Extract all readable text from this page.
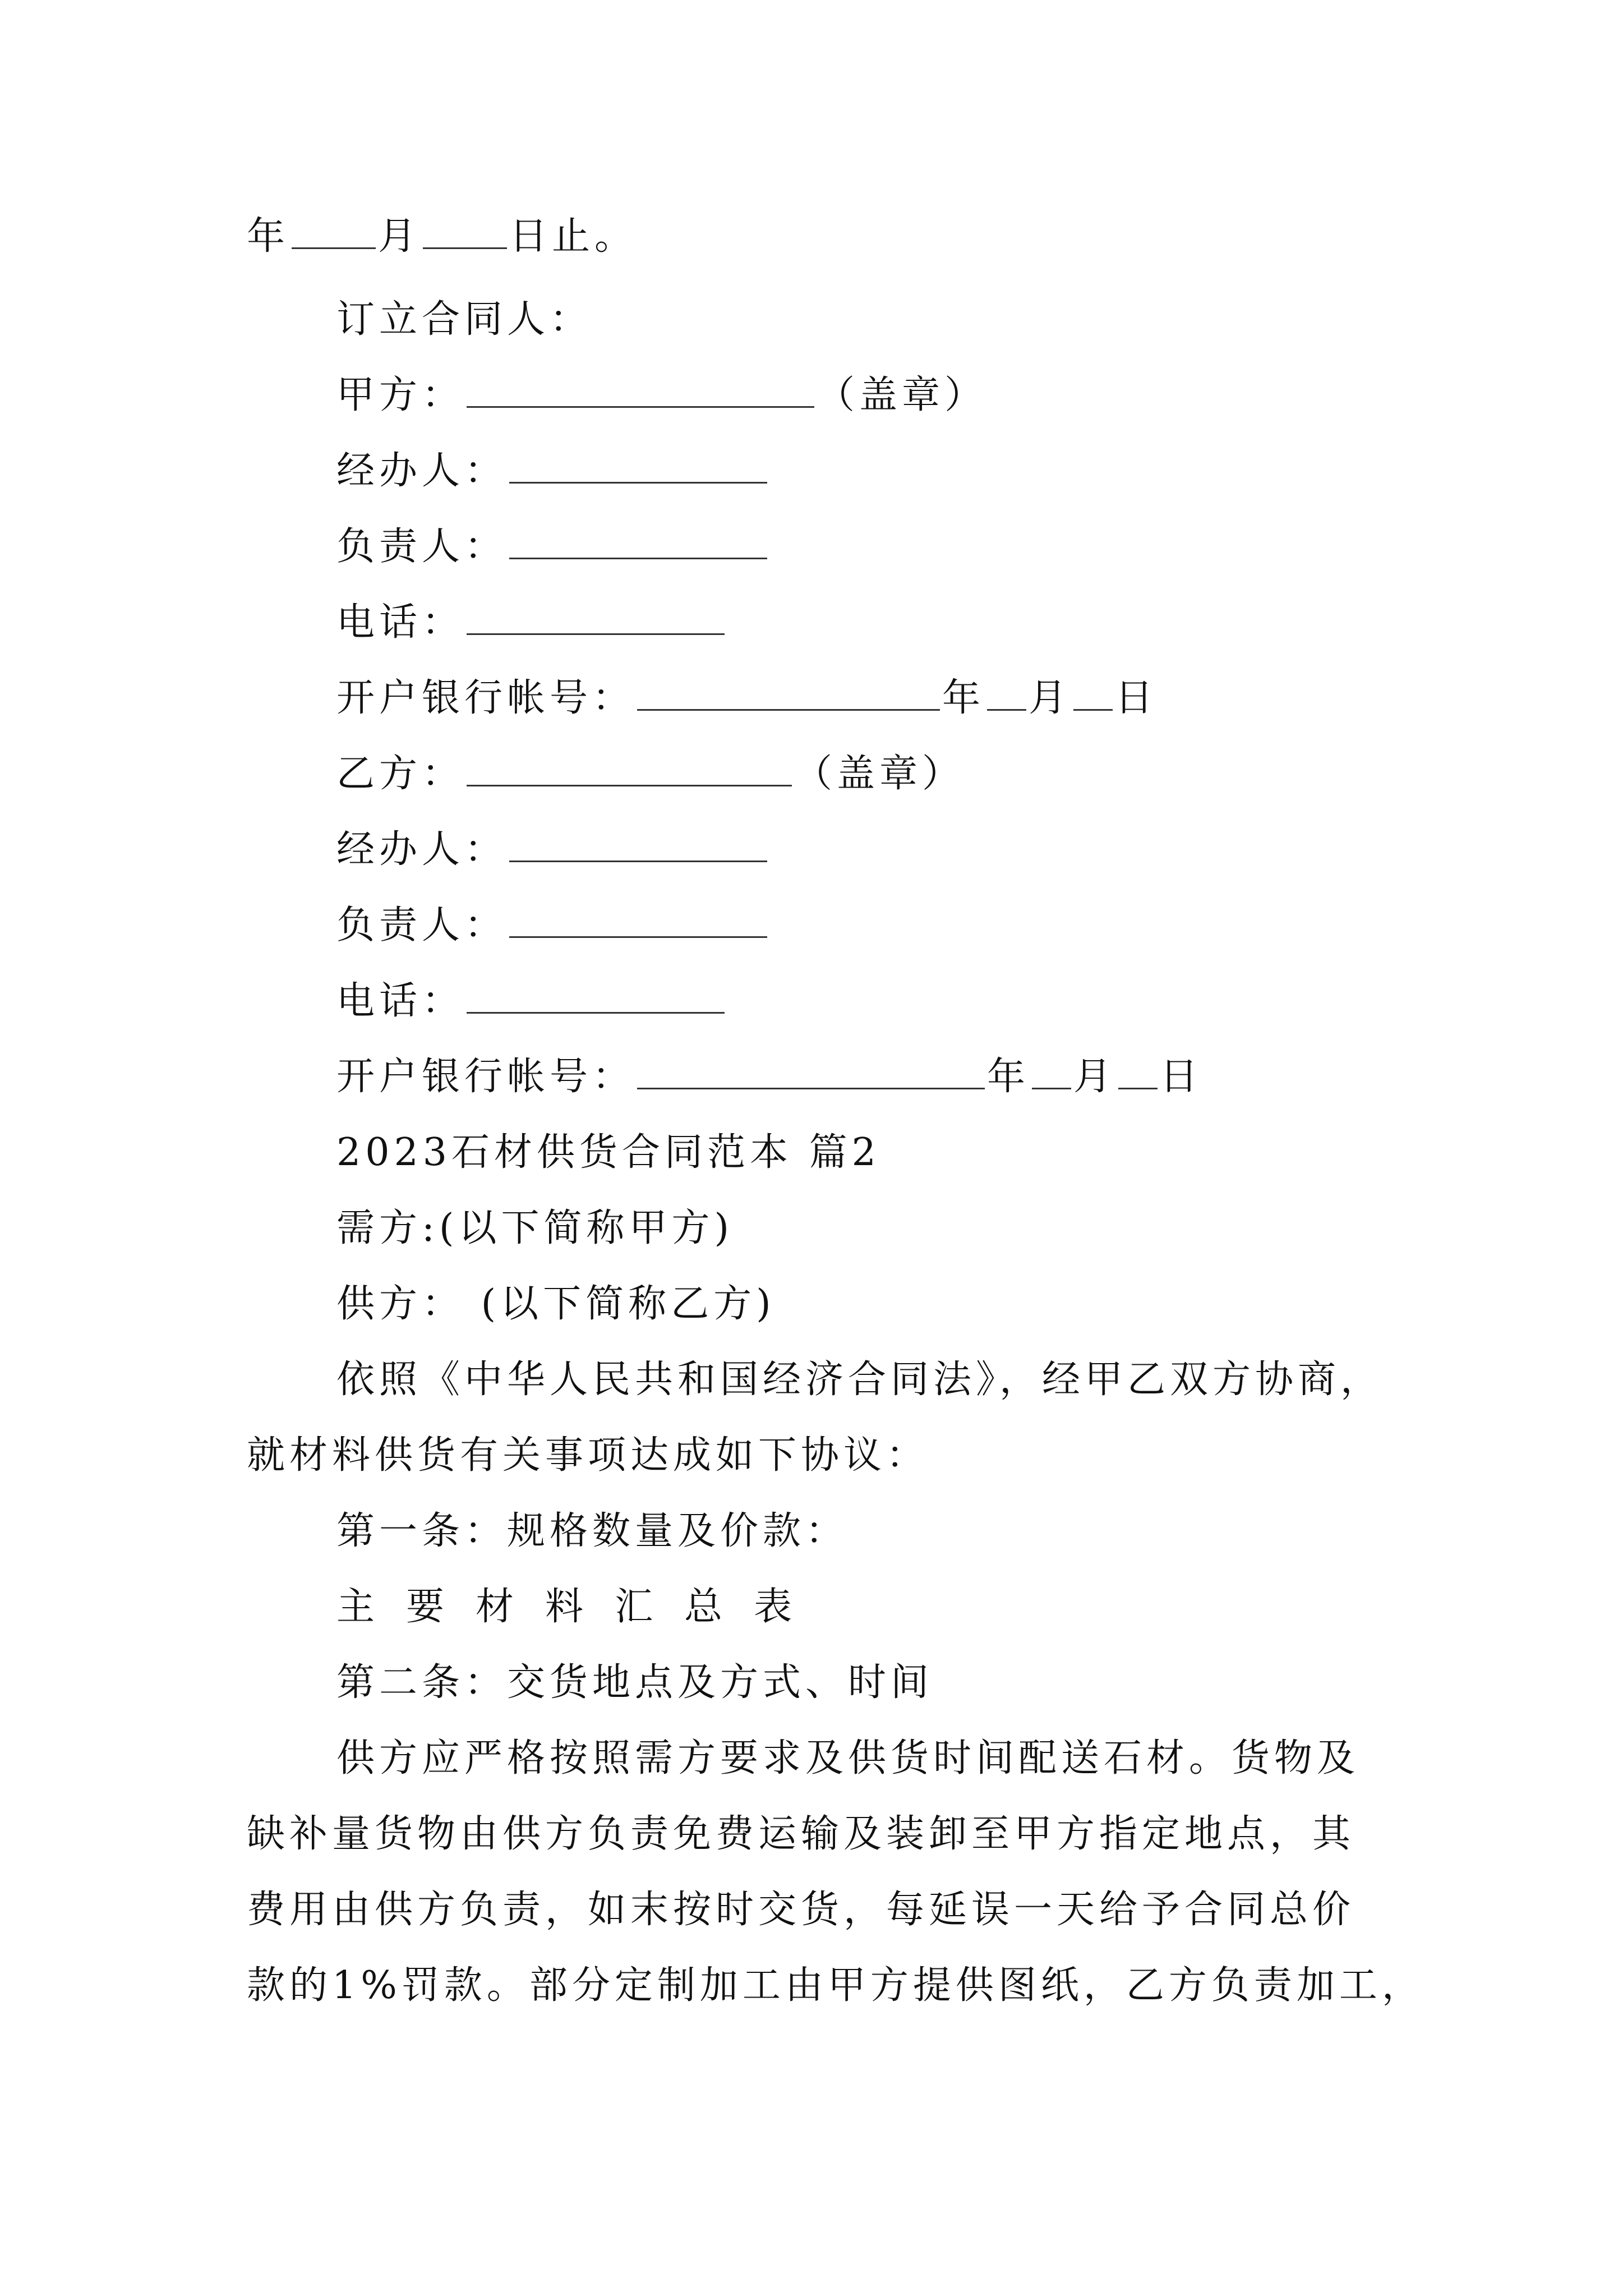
年 月 日止。
订立合同人：
甲方：	（盖章）
经办人：
负责人：
电话：
开户银行帐号：	年 月 日
乙方：	（盖章）
经办人：
负责人：
电话：
开户银行帐号：	年 月 日
2023石材供货合同范本 篇2
需方:(以下简称甲方)
供方： (以下简称乙方)
依照《中华人民共和国经济合同法》，经甲乙双方协商，
就材料供货有关事项达成如下协议：
第一条：规格数量及价款：
主要材料汇总表
第二条：交货地点及方式、时间
供方应严格按照需方要求及供货时间配送石材。货物及
缺补量货物由供方负责免费运输及装卸至甲方指定地点，其
费用由供方负责，如末按时交货，每延误一天给予合同总价
款的1%罚款。部分定制加工由甲方提供图纸，乙方负责加工，
